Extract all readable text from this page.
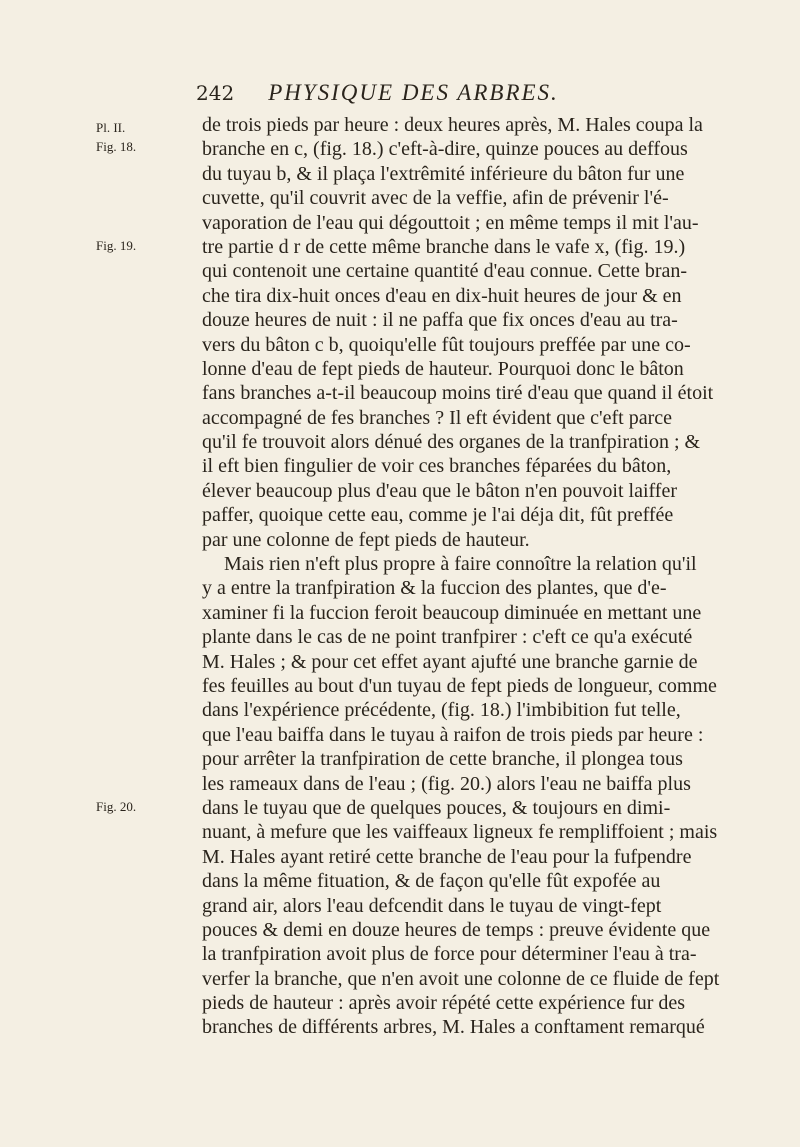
242 PHYSIQUE DES ARBRES.
Pl. II.
Fig. 18.
Fig. 19.
Fig. 20.
de trois pieds par heure : deux heures après, M. Hales coupa la
branche en c, (fig. 18.) c'eft-à-dire, quinze pouces au deffous
du tuyau b, & il plaça l'extrêmité inférieure du bâton fur une
cuvette, qu'il couvrit avec de la veffie, afin de prévenir l'é-
vaporation de l'eau qui dégouttoit ; en même temps il mit l'au-
tre partie d r de cette même branche dans le vafe x, (fig. 19.)
qui contenoit une certaine quantité d'eau connue. Cette bran-
che tira dix-huit onces d'eau en dix-huit heures de jour & en
douze heures de nuit : il ne paffa que fix onces d'eau au tra-
vers du bâton c b, quoiqu'elle fût toujours preffée par une co-
lonne d'eau de fept pieds de hauteur. Pourquoi donc le bâton
fans branches a-t-il beaucoup moins tiré d'eau que quand il étoit
accompagné de fes branches ? Il eft évident que c'eft parce
qu'il fe trouvoit alors dénué des organes de la tranfpiration ; &
il eft bien fingulier de voir ces branches féparées du bâton,
élever beaucoup plus d'eau que le bâton n'en pouvoit laiffer
paffer, quoique cette eau, comme je l'ai déja dit, fût preffée
par une colonne de fept pieds de hauteur.
Mais rien n'eft plus propre à faire connoître la relation qu'il
y a entre la tranfpiration & la fuccion des plantes, que d'e-
xaminer fi la fuccion feroit beaucoup diminuée en mettant une
plante dans le cas de ne point tranfpirer : c'eft ce qu'a exécuté
M. Hales ; & pour cet effet ayant ajufté une branche garnie de
fes feuilles au bout d'un tuyau de fept pieds de longueur, comme
dans l'expérience précédente, (fig. 18.) l'imbibition fut telle,
que l'eau baiffa dans le tuyau à raifon de trois pieds par heure :
pour arrêter la tranfpiration de cette branche, il plongea tous
les rameaux dans de l'eau ; (fig. 20.) alors l'eau ne baiffa plus
dans le tuyau que de quelques pouces, & toujours en dimi-
nuant, à mefure que les vaiffeaux ligneux fe rempliffoient ; mais
M. Hales ayant retiré cette branche de l'eau pour la fufpendre
dans la même fituation, & de façon qu'elle fût expofée au
grand air, alors l'eau defcendit dans le tuyau de vingt-fept
pouces & demi en douze heures de temps : preuve évidente que
la tranfpiration avoit plus de force pour déterminer l'eau à tra-
verfer la branche, que n'en avoit une colonne de ce fluide de fept
pieds de hauteur : après avoir répété cette expérience fur des
branches de différents arbres, M. Hales a conftament remarqué
